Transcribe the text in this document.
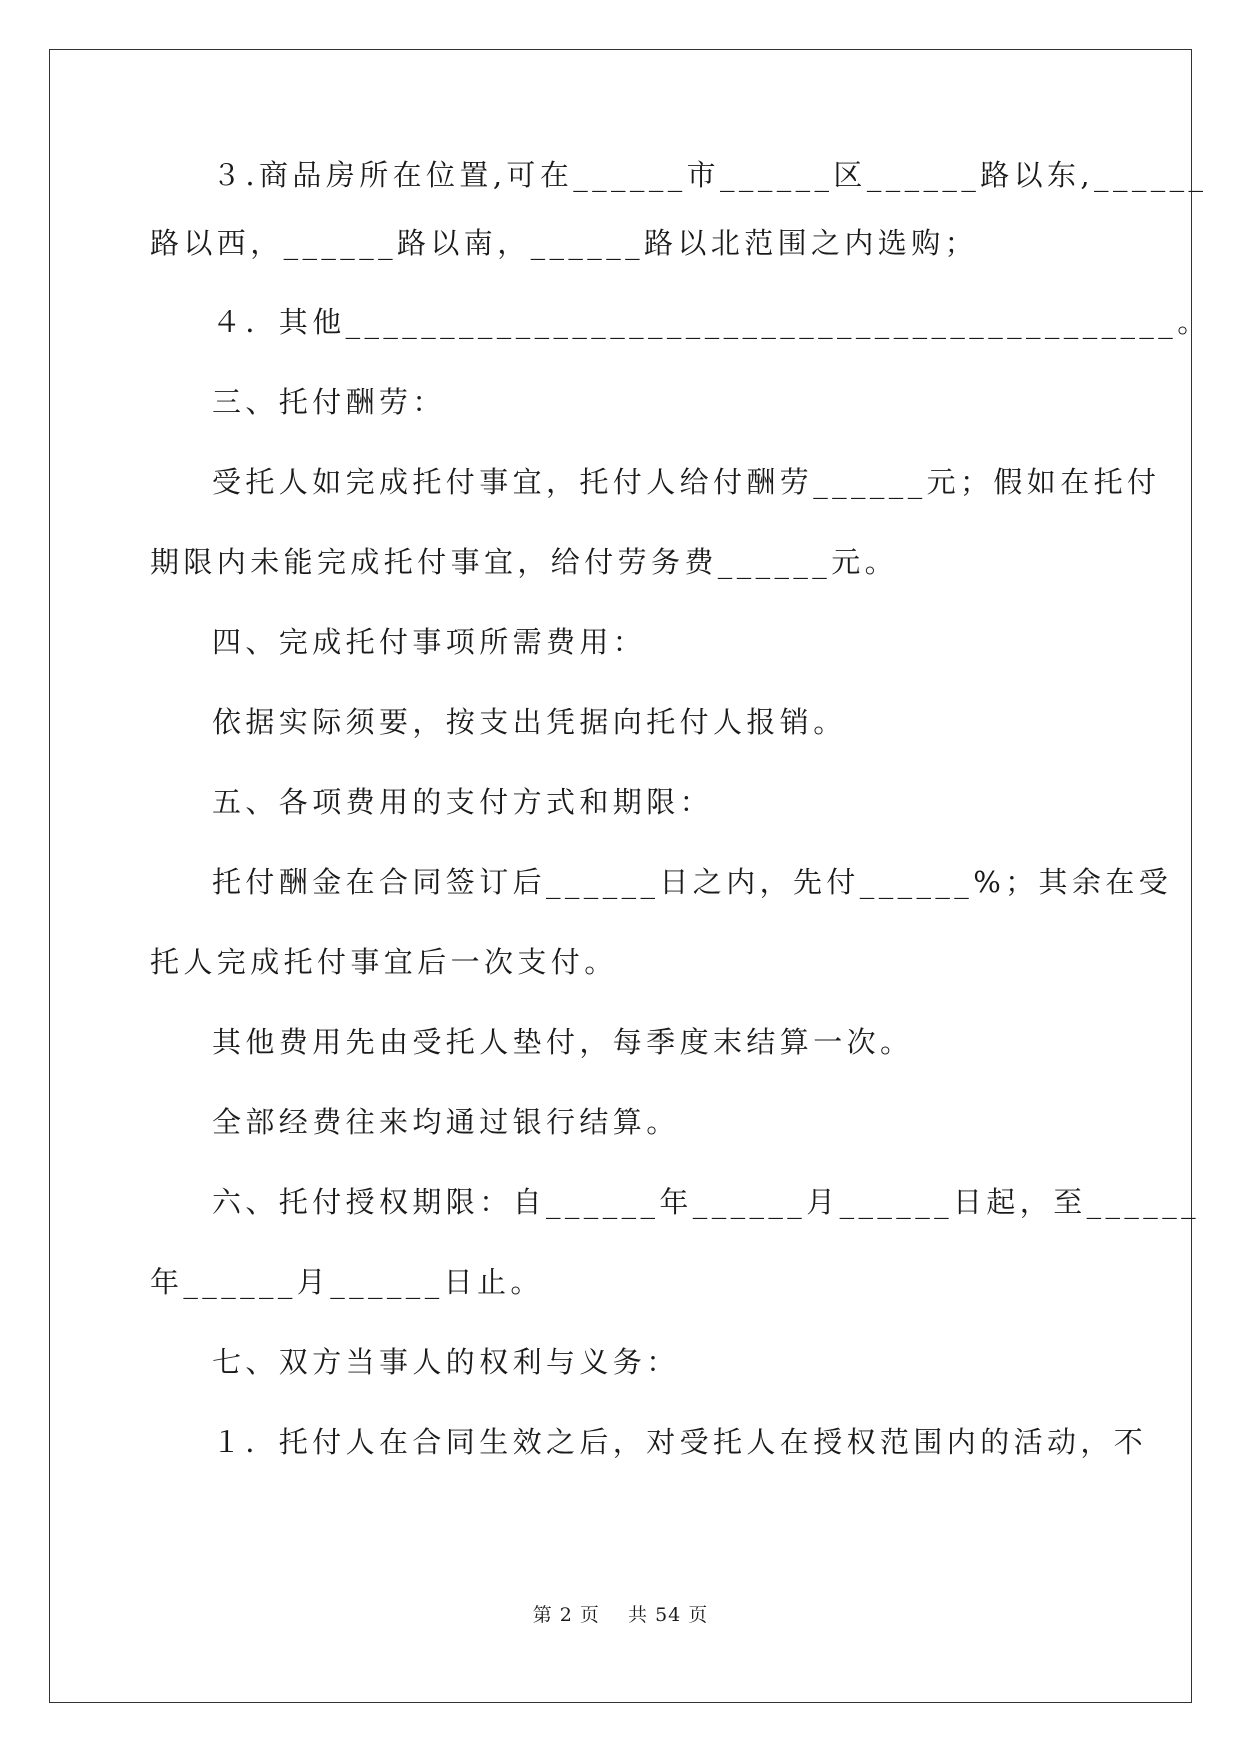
３.商品房所在位置,可在______市______区______路以东,______
路以西，______路以南，______路以北范围之内选购；
４．其他____________________________________________。
三、托付酬劳：
受托人如完成托付事宜，托付人给付酬劳______元；假如在托付
期限内未能完成托付事宜，给付劳务费______元。
四、完成托付事项所需费用：
依据实际须要，按支出凭据向托付人报销。
五、各项费用的支付方式和期限：
托付酬金在合同签订后______日之内，先付______%；其余在受
托人完成托付事宜后一次支付。
其他费用先由受托人垫付，每季度末结算一次。
全部经费往来均通过银行结算。
六、托付授权期限：自______年______月______日起，至______
年______月______日止。
七、双方当事人的权利与义务：
１．托付人在合同生效之后，对受托人在授权范围内的活动，不
第 2 页    共 54 页
